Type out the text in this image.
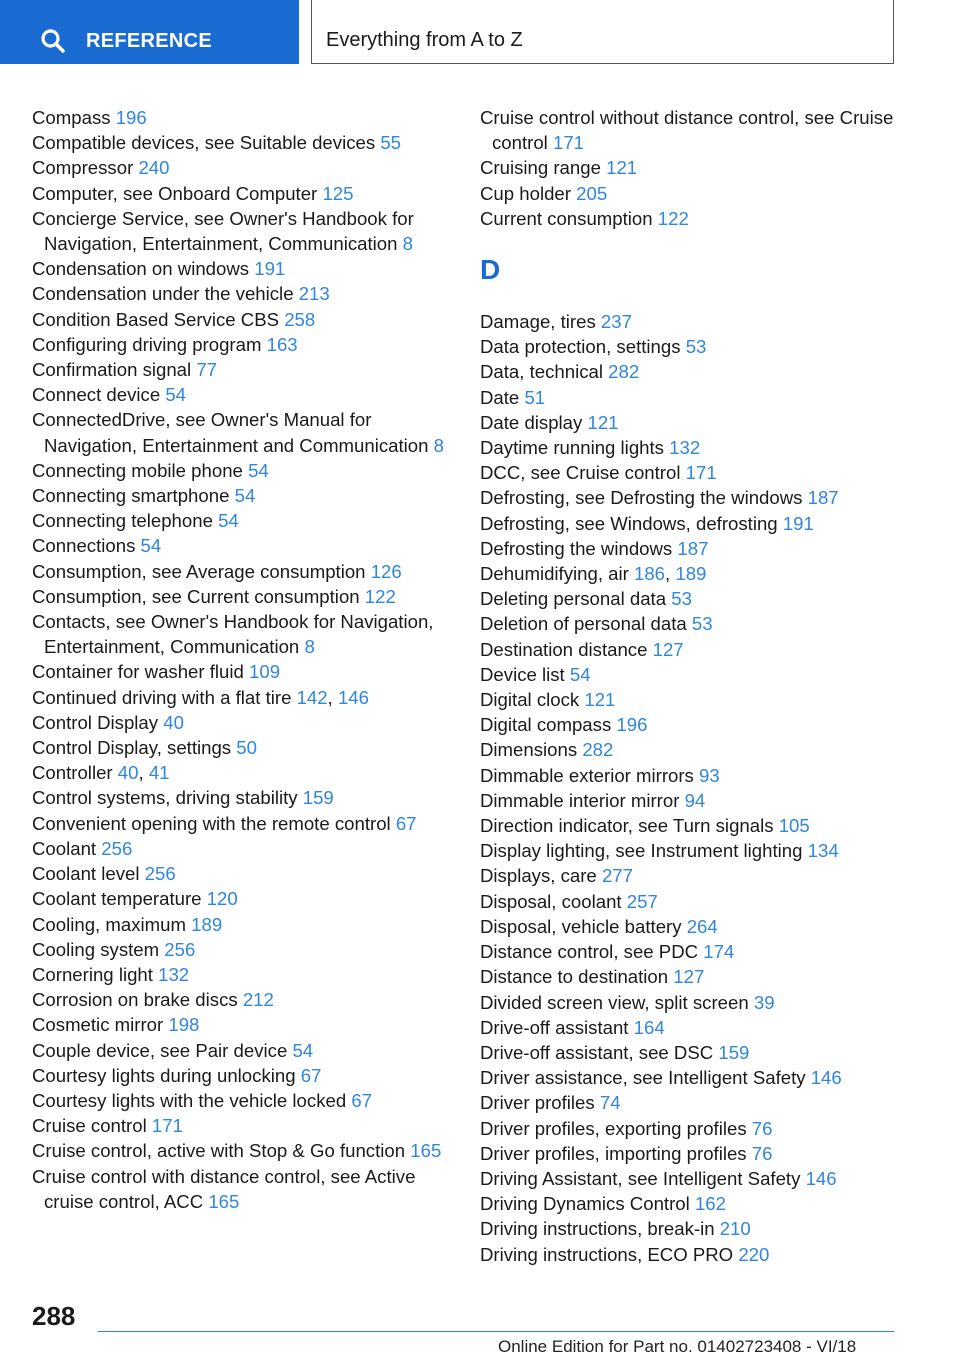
REFERENCE	Everything from A to Z
Compass 196
Compatible devices, see Suitable devices 55
Compressor 240
Computer, see Onboard Computer 125
Concierge Service, see Owner's Handbook for Navigation, Entertainment, Communication 8
Condensation on windows 191
Condensation under the vehicle 213
Condition Based Service CBS 258
Configuring driving program 163
Confirmation signal 77
Connect device 54
ConnectedDrive, see Owner's Manual for Navigation, Entertainment and Communication 8
Connecting mobile phone 54
Connecting smartphone 54
Connecting telephone 54
Connections 54
Consumption, see Average consumption 126
Consumption, see Current consumption 122
Contacts, see Owner's Handbook for Navigation, Entertainment, Communication 8
Container for washer fluid 109
Continued driving with a flat tire 142, 146
Control Display 40
Control Display, settings 50
Controller 40, 41
Control systems, driving stability 159
Convenient opening with the remote control 67
Coolant 256
Coolant level 256
Coolant temperature 120
Cooling, maximum 189
Cooling system 256
Cornering light 132
Corrosion on brake discs 212
Cosmetic mirror 198
Couple device, see Pair device 54
Courtesy lights during unlocking 67
Courtesy lights with the vehicle locked 67
Cruise control 171
Cruise control, active with Stop & Go function 165
Cruise control with distance control, see Active cruise control, ACC 165
Cruise control without distance control, see Cruise control 171
Cruising range 121
Cup holder 205
Current consumption 122
D
Damage, tires 237
Data protection, settings 53
Data, technical 282
Date 51
Date display 121
Daytime running lights 132
DCC, see Cruise control 171
Defrosting, see Defrosting the windows 187
Defrosting, see Windows, defrosting 191
Defrosting the windows 187
Dehumidifying, air 186, 189
Deleting personal data 53
Deletion of personal data 53
Destination distance 127
Device list 54
Digital clock 121
Digital compass 196
Dimensions 282
Dimmable exterior mirrors 93
Dimmable interior mirror 94
Direction indicator, see Turn signals 105
Display lighting, see Instrument lighting 134
Displays, care 277
Disposal, coolant 257
Disposal, vehicle battery 264
Distance control, see PDC 174
Distance to destination 127
Divided screen view, split screen 39
Drive-off assistant 164
Drive-off assistant, see DSC 159
Driver assistance, see Intelligent Safety 146
Driver profiles 74
Driver profiles, exporting profiles 76
Driver profiles, importing profiles 76
Driving Assistant, see Intelligent Safety 146
Driving Dynamics Control 162
Driving instructions, break-in 210
Driving instructions, ECO PRO 220
288
Online Edition for Part no. 01402723408 - VI/18
